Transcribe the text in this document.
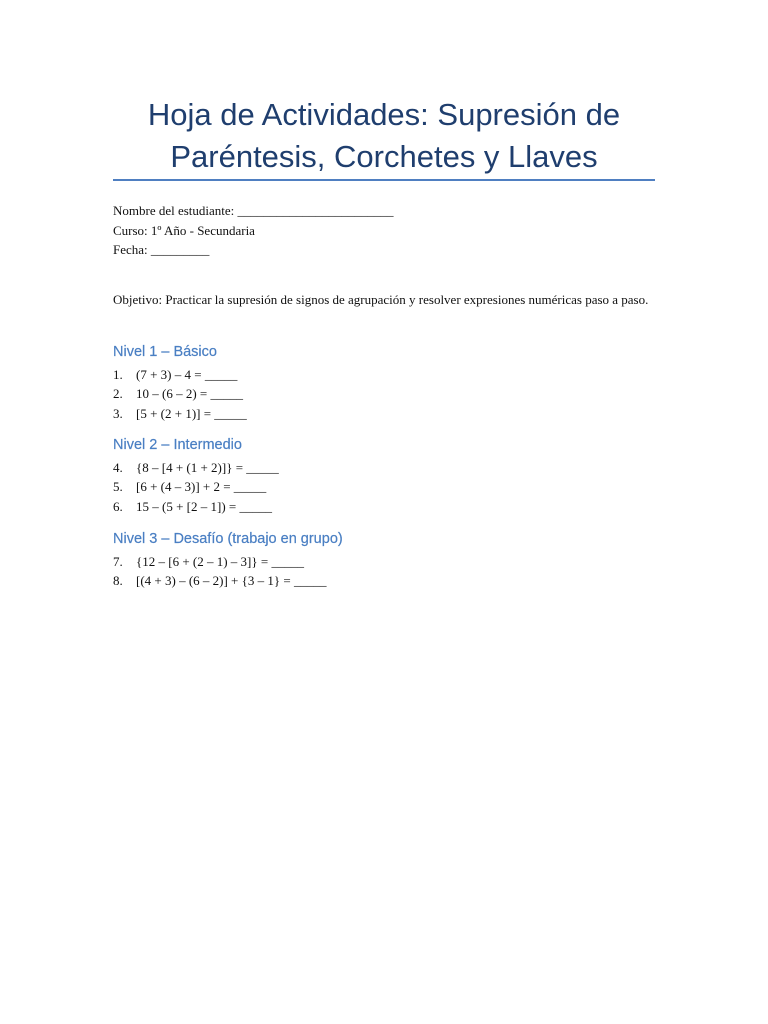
Hoja de Actividades: Supresión de
Paréntesis, Corchetes y Llaves
Nombre del estudiante: ________________________
Curso: 1º Año - Secundaria
Fecha: _________
Objetivo: Practicar la supresión de signos de agrupación y resolver expresiones numéricas paso a paso.
Nivel 1 – Básico
1. (7 + 3) – 4 = _____
2. 10 – (6 – 2) = _____
3. [5 + (2 + 1)] = _____
Nivel 2 – Intermedio
4. {8 – [4 + (1 + 2)]} = _____
5. [6 + (4 – 3)] + 2 = _____
6. 15 – (5 + [2 – 1]) = _____
Nivel 3 – Desafío (trabajo en grupo)
7. {12 – [6 + (2 – 1) – 3]} = _____
8. [(4 + 3) – (6 – 2)] + {3 – 1} = _____
